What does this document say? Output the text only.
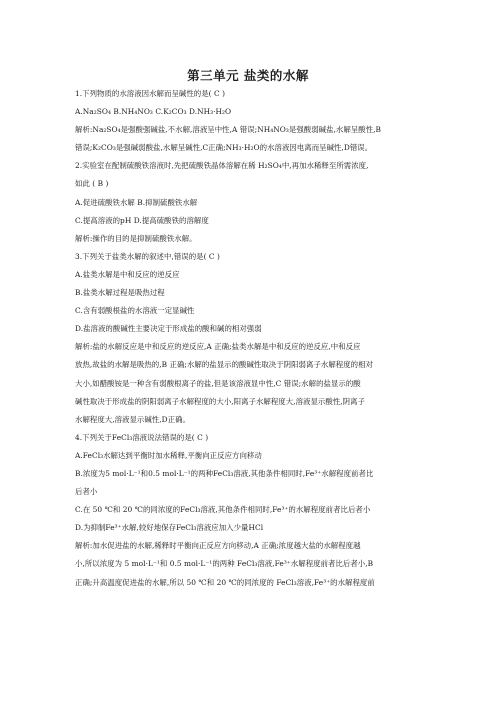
第三单元 盐类的水解
1.下列物质的水溶液因水解而呈碱性的是( C )
A.Na₂SO₄ B.NH₄NO₃ C.K₂CO₃ D.NH₃·H₂O
解析:Na₂SO₄是强酸强碱盐,不水解,溶液呈中性,A 错误;NH₄NO₃是强酸弱碱盐,水解呈酸性,B
错误;K₂CO₃是强碱弱酸盐,水解呈碱性,C正确;NH₃·H₂O的水溶液因电离而呈碱性,D错误。
2.实验室在配制硫酸铁溶液时,先把硫酸铁晶体溶解在稀 H₂SO₄中,再加水稀释至所需浓度,
如此 ( B )
A.促进硫酸铁水解 B.抑制硫酸铁水解
C.提高溶液的pH D.提高硫酸铁的溶解度
解析:操作的目的是抑制硫酸铁水解。
3.下列关于盐类水解的叙述中,错误的是( C )
A.盐类水解是中和反应的逆反应
B.盐类水解过程是吸热过程
C.含有弱酸根盐的水溶液一定显碱性
D.盐溶液的酸碱性主要决定于形成盐的酸和碱的相对强弱
解析:盐的水解反应是中和反应的逆反应,A 正确;盐类水解是中和反应的逆反应,中和反应
放热,故盐的水解是吸热的,B 正确;水解的盐显示的酸碱性取决于阴阳弱离子水解程度的相对
大小,如醋酸铵是一种含有弱酸根离子的盐,但是该溶液显中性,C 错误;水解的盐显示的酸
碱性取决于形成盐的阴阳弱离子水解程度的大小,阳离子水解程度大,溶液显示酸性,阴离子
水解程度大,溶液显示碱性,D正确。
4.下列关于FeCl₃溶液说法错误的是( C )
A.FeCl₃水解达到平衡时加水稀释,平衡向正反应方向移动
B.浓度为5 mol·L⁻¹和0.5 mol·L⁻¹的两种FeCl₃溶液,其他条件相同时,Fe³⁺水解程度前者比
后者小
C.在 50 ℃和 20 ℃的同浓度的FeCl₃溶液,其他条件相同时,Fe³⁺的水解程度前者比后者小
D.为抑制Fe³⁺水解,较好地保存FeCl₃溶液应加入少量HCl
解析:加水促进盐的水解,稀释时平衡向正反应方向移动,A 正确;浓度越大盐的水解程度越
小,所以浓度为 5 mol·L⁻¹和 0.5 mol·L⁻¹的两种 FeCl₃溶液,Fe³⁺水解程度前者比后者小,B
正确;升高温度促进盐的水解,所以 50 ℃和 20 ℃的同浓度的 FeCl₃溶液,Fe³⁺的水解程度前
